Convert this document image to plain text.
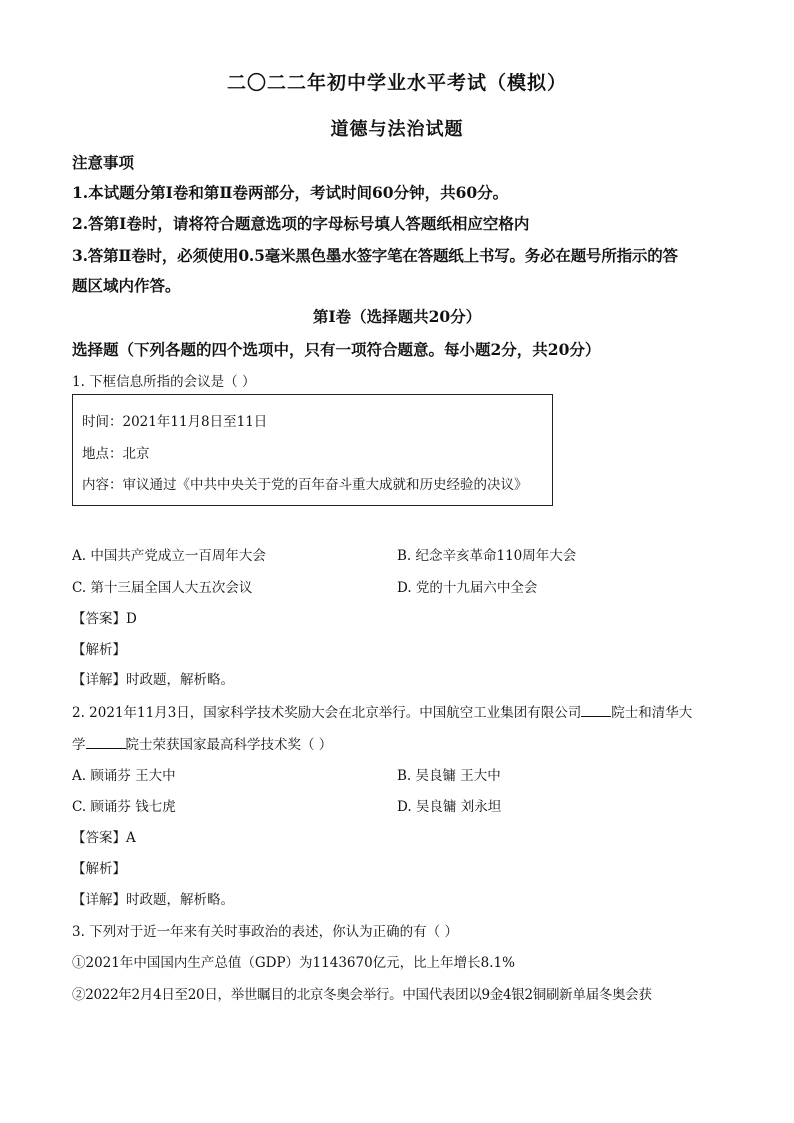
二〇二二年初中学业水平考试（模拟）
道德与法治试题
注意事项
1.本试题分第Ⅰ卷和第Ⅱ卷两部分，考试时间60分钟，共60分。
2.答第Ⅰ卷时，请将符合题意选项的字母标号填人答题纸相应空格内
3.答第Ⅱ卷时，必须使用0.5毫米黑色墨水签字笔在答题纸上书写。务必在题号所指示的答
题区域内作答。
第Ⅰ卷（选择题共20分）
选择题（下列各题的四个选项中，只有一项符合题意。每小题2分，共20分）
1. 下框信息所指的会议是（ ）
时间：2021年11月8日至11日
地点：北京
内容：审议通过《中共中央关于党的百年奋斗重大成就和历史经验的决议》
A. 中国共产党成立一百周年大会	B. 纪念辛亥革命110周年大会
C. 第十三届全国人大五次会议	D. 党的十九届六中全会
【答案】D
【解析】
【详解】时政题，解析略。
2. 2021年11月3日，国家科学技术奖励大会在北京举行。中国航空工业集团有限公司 院士和清华大
学	院士荣获国家最高科学技术奖（ ）
A. 顾诵芬 王大中	B. 吴良镛 王大中
C. 顾诵芬 钱七虎	D. 吴良镛 刘永坦
【答案】A
【解析】
【详解】时政题，解析略。
3. 下列对于近一年来有关时事政治的表述，你认为正确的有（ ）
①2021年中国国内生产总值（GDP）为1143670亿元，比上年增长8.1%
②2022年2月4日至20日，举世瞩目的北京冬奥会举行。中国代表团以9金4银2铜刷新单届冬奥会获
